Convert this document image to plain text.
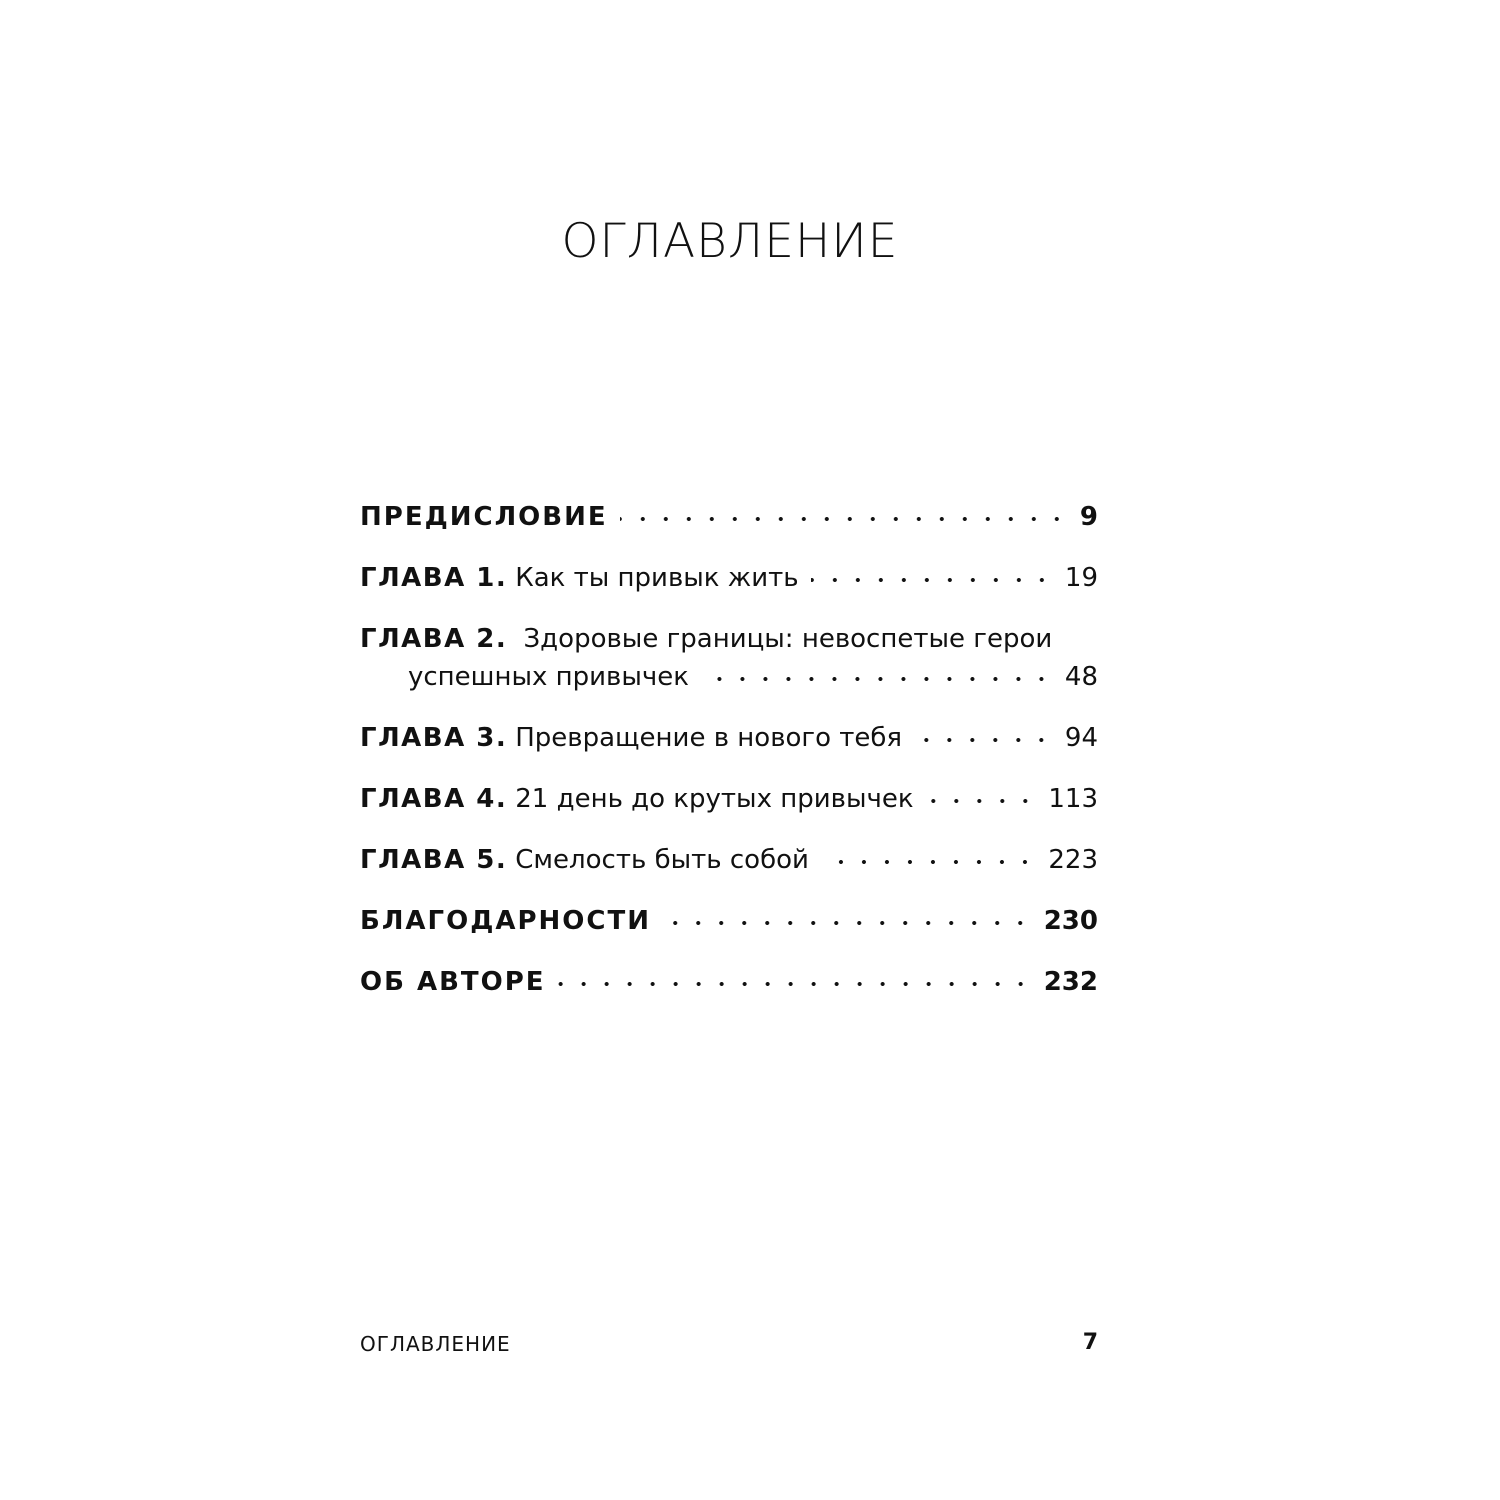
ОГЛАВЛЕНИЕ
ПРЕДИСЛОВИЕ	9
ГЛАВА 1. Как ты привык жить	19
ГЛАВА 2. Здоровые границы: невоспетые герои
успешных привычек	48
ГЛАВА 3. Превращение в нового тебя	94
ГЛАВА 4. 21 день до крутых привычек	113
ГЛАВА 5. Смелость быть собой	223
БЛАГОДАРНОСТИ	230
ОБ АВТОРЕ	232
ОГЛАВЛЕНИЕ	7
